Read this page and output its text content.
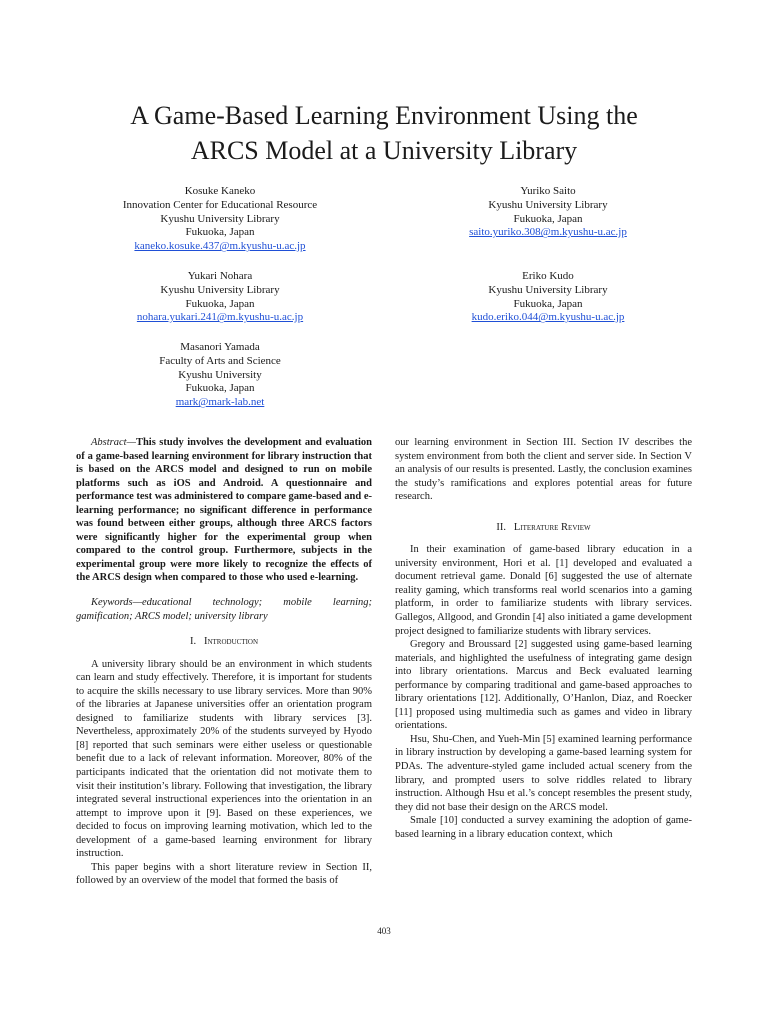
A Game-Based Learning Environment Using the
ARCS Model at a University Library
Kosuke Kaneko
Innovation Center for Educational Resource
Kyushu University Library
Fukuoka, Japan
kaneko.kosuke.437@m.kyushu-u.ac.jp
Yuriko Saito
Kyushu University Library
Fukuoka, Japan
saito.yuriko.308@m.kyushu-u.ac.jp
Yukari Nohara
Kyushu University Library
Fukuoka, Japan
nohara.yukari.241@m.kyushu-u.ac.jp
Eriko Kudo
Kyushu University Library
Fukuoka, Japan
kudo.eriko.044@m.kyushu-u.ac.jp
Masanori Yamada
Faculty of Arts and Science
Kyushu University
Fukuoka, Japan
mark@mark-lab.net

Abstract—This study involves the development and evaluation of a game-based learning environment for library instruction that is based on the ARCS model and designed to run on mobile platforms such as iOS and Android. A questionnaire and performance test was administered to compare game-based and e-learning performance; no significant difference in performance was found between either groups, although three ARCS factors were significantly higher for the experimental group when compared to the control group. Furthermore, subjects in the experimental group were more likely to recognize the effects of the ARCS design when compared to those who used e-learning.

Keywords—educational technology; mobile learning; gamification; ARCS model; university library

I. Introduction

A university library should be an environment in which students can learn and study effectively. Therefore, it is important for students to acquire the skills necessary to use library services. More than 90% of the libraries at Japanese universities offer an orientation program designed to familiarize students with library services [3]. Nevertheless, approximately 20% of the students surveyed by Hyodo [8] reported that such seminars were either useless or questionable benefit due to a lack of relevant information. Moreover, 80% of the participants indicated that the orientation did not motivate them to visit their institution’s library. Following that investigation, the library integrated several instructional experiences into the orientation in an attempt to improve upon it [9]. Based on these experiences, we decided to focus on improving learning motivation, which led to the development of a game-based learning environment for library instruction.

This paper begins with a short literature review in Section II, followed by an overview of the model that formed the basis of

our learning environment in Section III. Section IV describes the system environment from both the client and server side. In Section V an analysis of our results is presented. Lastly, the conclusion examines the study’s ramifications and explores potential areas for future research.

II. Literature Review

In their examination of game-based library education in a university environment, Hori et al. [1] developed and evaluated a document retrieval game. Donald [6] suggested the use of alternate reality gaming, which transforms real world scenarios into a gaming platform, in order to familiarize students with library services. Gallegos, Allgood, and Grondin [4] also initiated a game development project designed to familiarize students with library services.

Gregory and Broussard [2] suggested using game-based learning materials, and highlighted the usefulness of integrating game design into library orientations. Marcus and Beck evaluated learning performance by comparing traditional and game-based approaches to library orientations [12]. Additionally, O’Hanlon, Diaz, and Roecker [11] proposed using multimedia such as games and video in library orientations.

Hsu, Shu-Chen, and Yueh-Min [5] examined learning performance in library instruction by developing a game-based learning system for PDAs. The adventure-styled game included actual scenery from the library, and prompted users to solve riddles related to library instruction. Although Hsu et al.’s concept resembles the present study, they did not base their design on the ARCS model.

Smale [10] conducted a survey examining the adoption of game-based learning in a library education context, which

403
